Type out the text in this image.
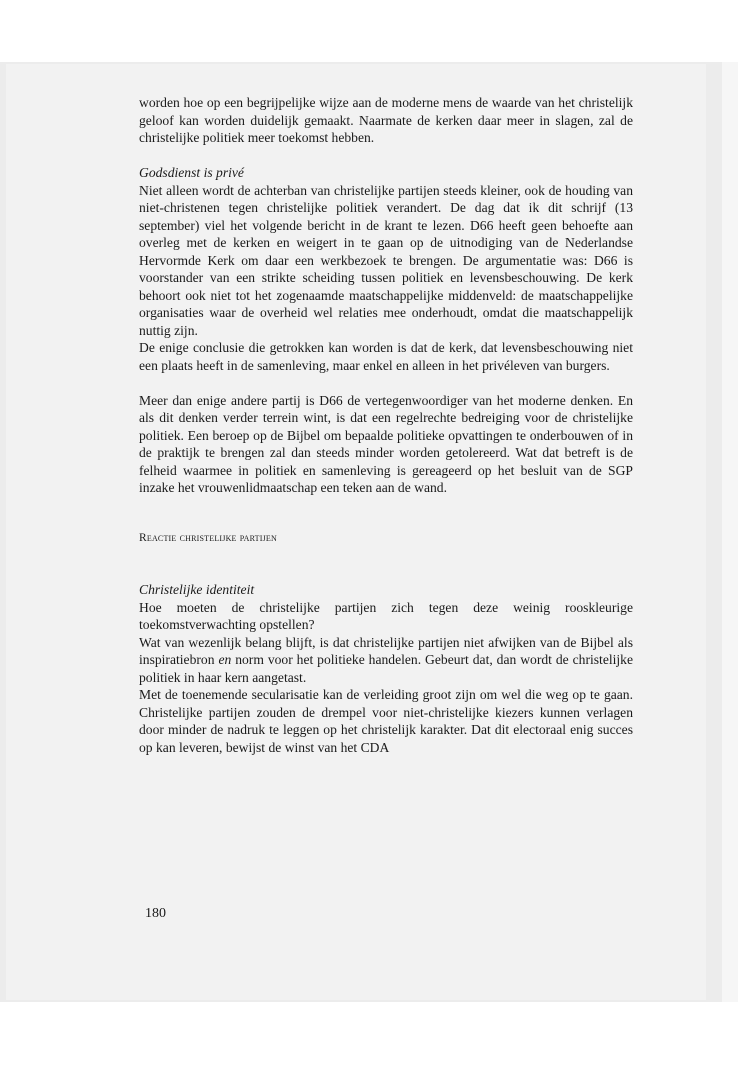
worden hoe op een begrijpelijke wijze aan de moderne mens de waarde van het christelijk geloof kan worden duidelijk gemaakt. Naarmate de kerken daar meer in slagen, zal de christelijke politiek meer toekomst hebben.

Godsdienst is privé

Niet alleen wordt de achterban van christelijke partijen steeds kleiner, ook de houding van niet-christenen tegen christelijke politiek verandert. De dag dat ik dit schrijf (13 september) viel het volgende bericht in de krant te lezen. D66 heeft geen behoefte aan overleg met de kerken en weigert in te gaan op de uitnodiging van de Nederlandse Hervormde Kerk om daar een werkbezoek te brengen. De argumentatie was: D66 is voorstander van een strikte scheiding tussen politiek en levensbeschouwing. De kerk behoort ook niet tot het zogenaamde maatschappelijke middenveld: de maatschappelijke organisaties waar de overheid wel relaties mee onderhoudt, omdat die maatschappelijk nuttig zijn.

De enige conclusie die getrokken kan worden is dat de kerk, dat levensbeschouwing niet een plaats heeft in de samenleving, maar enkel en alleen in het privéleven van burgers.

Meer dan enige andere partij is D66 de vertegenwoordiger van het moderne denken. En als dit denken verder terrein wint, is dat een regelrechte bedreiging voor de christelijke politiek. Een beroep op de Bijbel om bepaalde politieke opvattingen te onderbouwen of in de praktijk te brengen zal dan steeds minder worden getolereerd. Wat dat betreft is de felheid waarmee in politiek en samenleving is gereageerd op het besluit van de SGP inzake het vrouwenlidmaatschap een teken aan de wand.

Reactie christelijke partijen

Christelijke identiteit

Hoe moeten de christelijke partijen zich tegen deze weinig rooskleurige toekomstverwachting opstellen?

Wat van wezenlijk belang blijft, is dat christelijke partijen niet afwijken van de Bijbel als inspiratiebron en norm voor het politieke handelen. Gebeurt dat, dan wordt de christelijke politiek in haar kern aangetast.

Met de toenemende secularisatie kan de verleiding groot zijn om wel die weg op te gaan. Christelijke partijen zouden de drempel voor niet-christelijke kiezers kunnen verlagen door minder de nadruk te leggen op het christelijk karakter. Dat dit electoraal enig succes op kan leveren, bewijst de winst van het CDA

180
